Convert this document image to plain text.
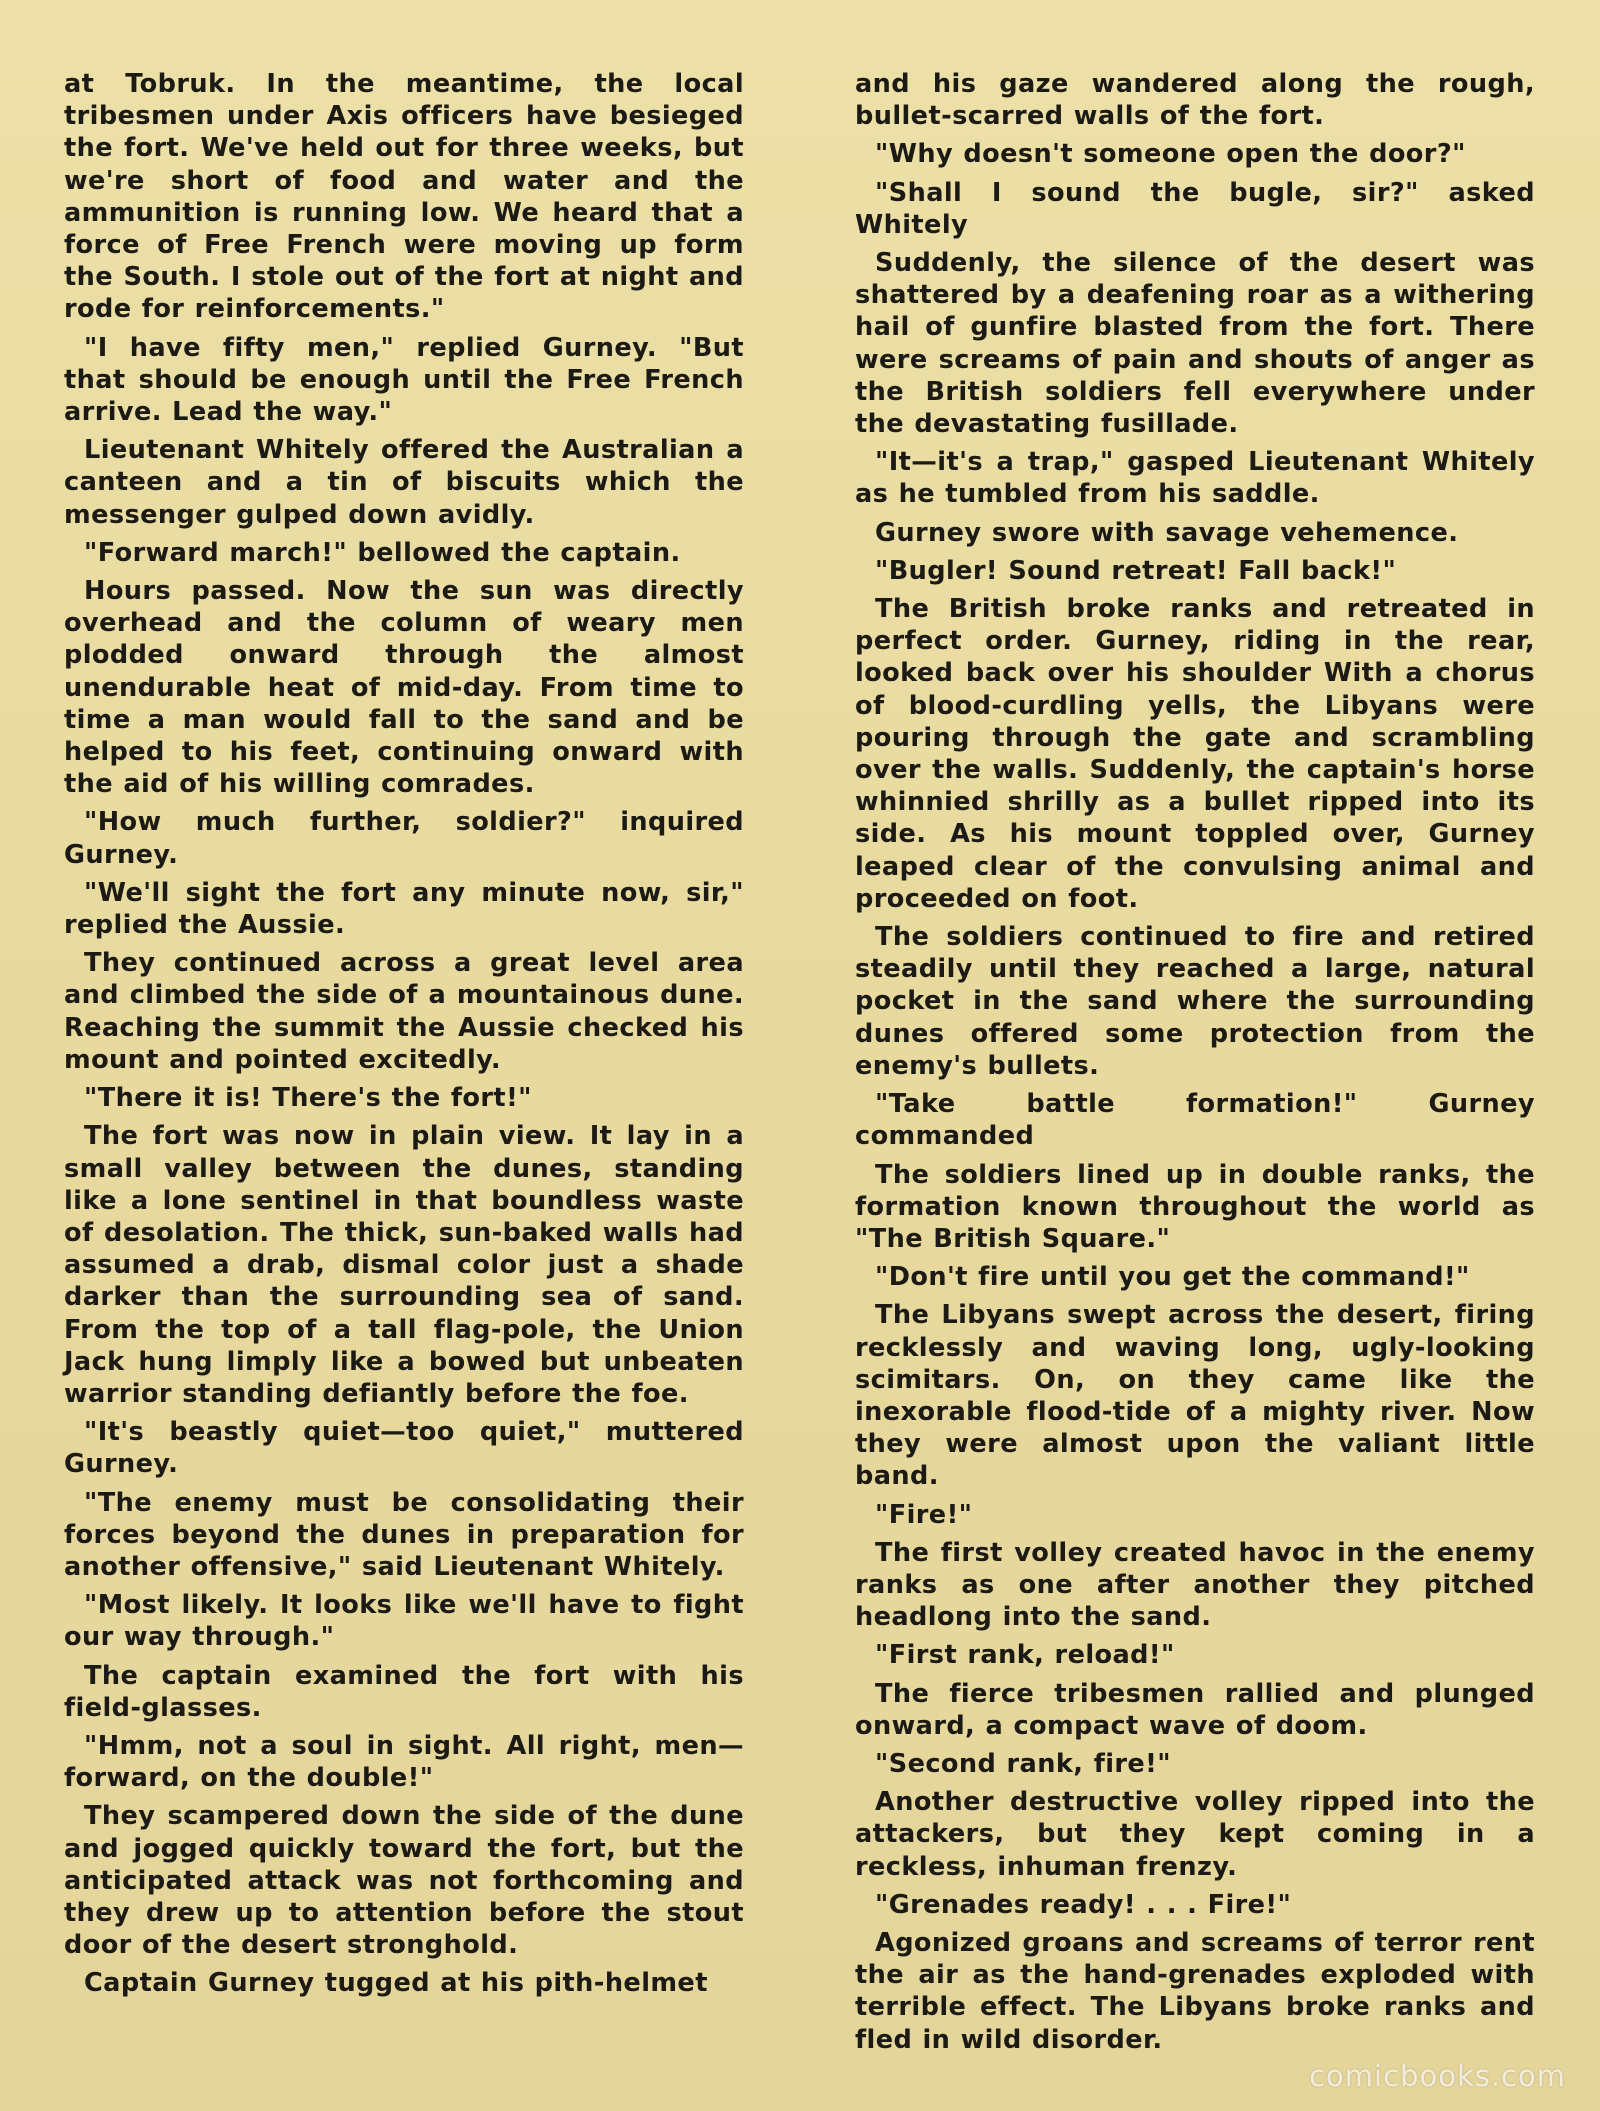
at Tobruk. In the meantime, the local tribesmen under Axis officers have besieged the fort. We've held out for three weeks, but we're short of food and water and the ammunition is running low. We heard that a force of Free French were moving up form the South. I stole out of the fort at night and rode for reinforcements."

"I have fifty men," replied Gurney. "But that should be enough until the Free French arrive. Lead the way."

Lieutenant Whitely offered the Australian a canteen and a tin of biscuits which the messenger gulped down avidly.

"Forward march!" bellowed the captain.

Hours passed. Now the sun was directly overhead and the column of weary men plodded onward through the almost unendurable heat of mid-day. From time to time a man would fall to the sand and be helped to his feet, continuing onward with the aid of his willing comrades.

"How much further, soldier?" inquired Gurney.

"We'll sight the fort any minute now, sir," replied the Aussie.

They continued across a great level area and climbed the side of a mountainous dune. Reaching the summit the Aussie checked his mount and pointed excitedly.

"There it is! There's the fort!"

The fort was now in plain view. It lay in a small valley between the dunes, standing like a lone sentinel in that boundless waste of desolation. The thick, sun-baked walls had assumed a drab, dismal color just a shade darker than the surrounding sea of sand. From the top of a tall flag-pole, the Union Jack hung limply like a bowed but unbeaten warrior standing defiantly before the foe.

"It's beastly quiet—too quiet," muttered Gurney.

"The enemy must be consolidating their forces beyond the dunes in preparation for another offensive," said Lieutenant Whitely.

"Most likely. It looks like we'll have to fight our way through."

The captain examined the fort with his field-glasses.

"Hmm, not a soul in sight. All right, men—forward, on the double!"

They scampered down the side of the dune and jogged quickly toward the fort, but the anticipated attack was not forthcoming and they drew up to attention before the stout door of the desert stronghold.

Captain Gurney tugged at his pith-helmet

and his gaze wandered along the rough, bullet-scarred walls of the fort.

"Why doesn't someone open the door?"

"Shall I sound the bugle, sir?" asked Whitely

Suddenly, the silence of the desert was shattered by a deafening roar as a withering hail of gunfire blasted from the fort. There were screams of pain and shouts of anger as the British soldiers fell everywhere under the devastating fusillade.

"It—it's a trap," gasped Lieutenant Whitely as he tumbled from his saddle.

Gurney swore with savage vehemence.

"Bugler! Sound retreat! Fall back!"

The British broke ranks and retreated in perfect order. Gurney, riding in the rear, looked back over his shoulder With a chorus of blood-curdling yells, the Libyans were pouring through the gate and scrambling over the walls. Suddenly, the captain's horse whinnied shrilly as a bullet ripped into its side. As his mount toppled over, Gurney leaped clear of the convulsing animal and proceeded on foot.

The soldiers continued to fire and retired steadily until they reached a large, natural pocket in the sand where the surrounding dunes offered some protection from the enemy's bullets.

"Take battle formation!" Gurney commanded

The soldiers lined up in double ranks, the formation known throughout the world as "The British Square."

"Don't fire until you get the command!"

The Libyans swept across the desert, firing recklessly and waving long, ugly-looking scimitars. On, on they came like the inexorable flood-tide of a mighty river. Now they were almost upon the valiant little band.

"Fire!"

The first volley created havoc in the enemy ranks as one after another they pitched headlong into the sand.

"First rank, reload!"

The fierce tribesmen rallied and plunged onward, a compact wave of doom.

"Second rank, fire!"

Another destructive volley ripped into the attackers, but they kept coming in a reckless, inhuman frenzy.

"Grenades ready! . . . Fire!"

Agonized groans and screams of terror rent the air as the hand-grenades exploded with terrible effect. The Libyans broke ranks and fled in wild disorder.

comicbooks.com
